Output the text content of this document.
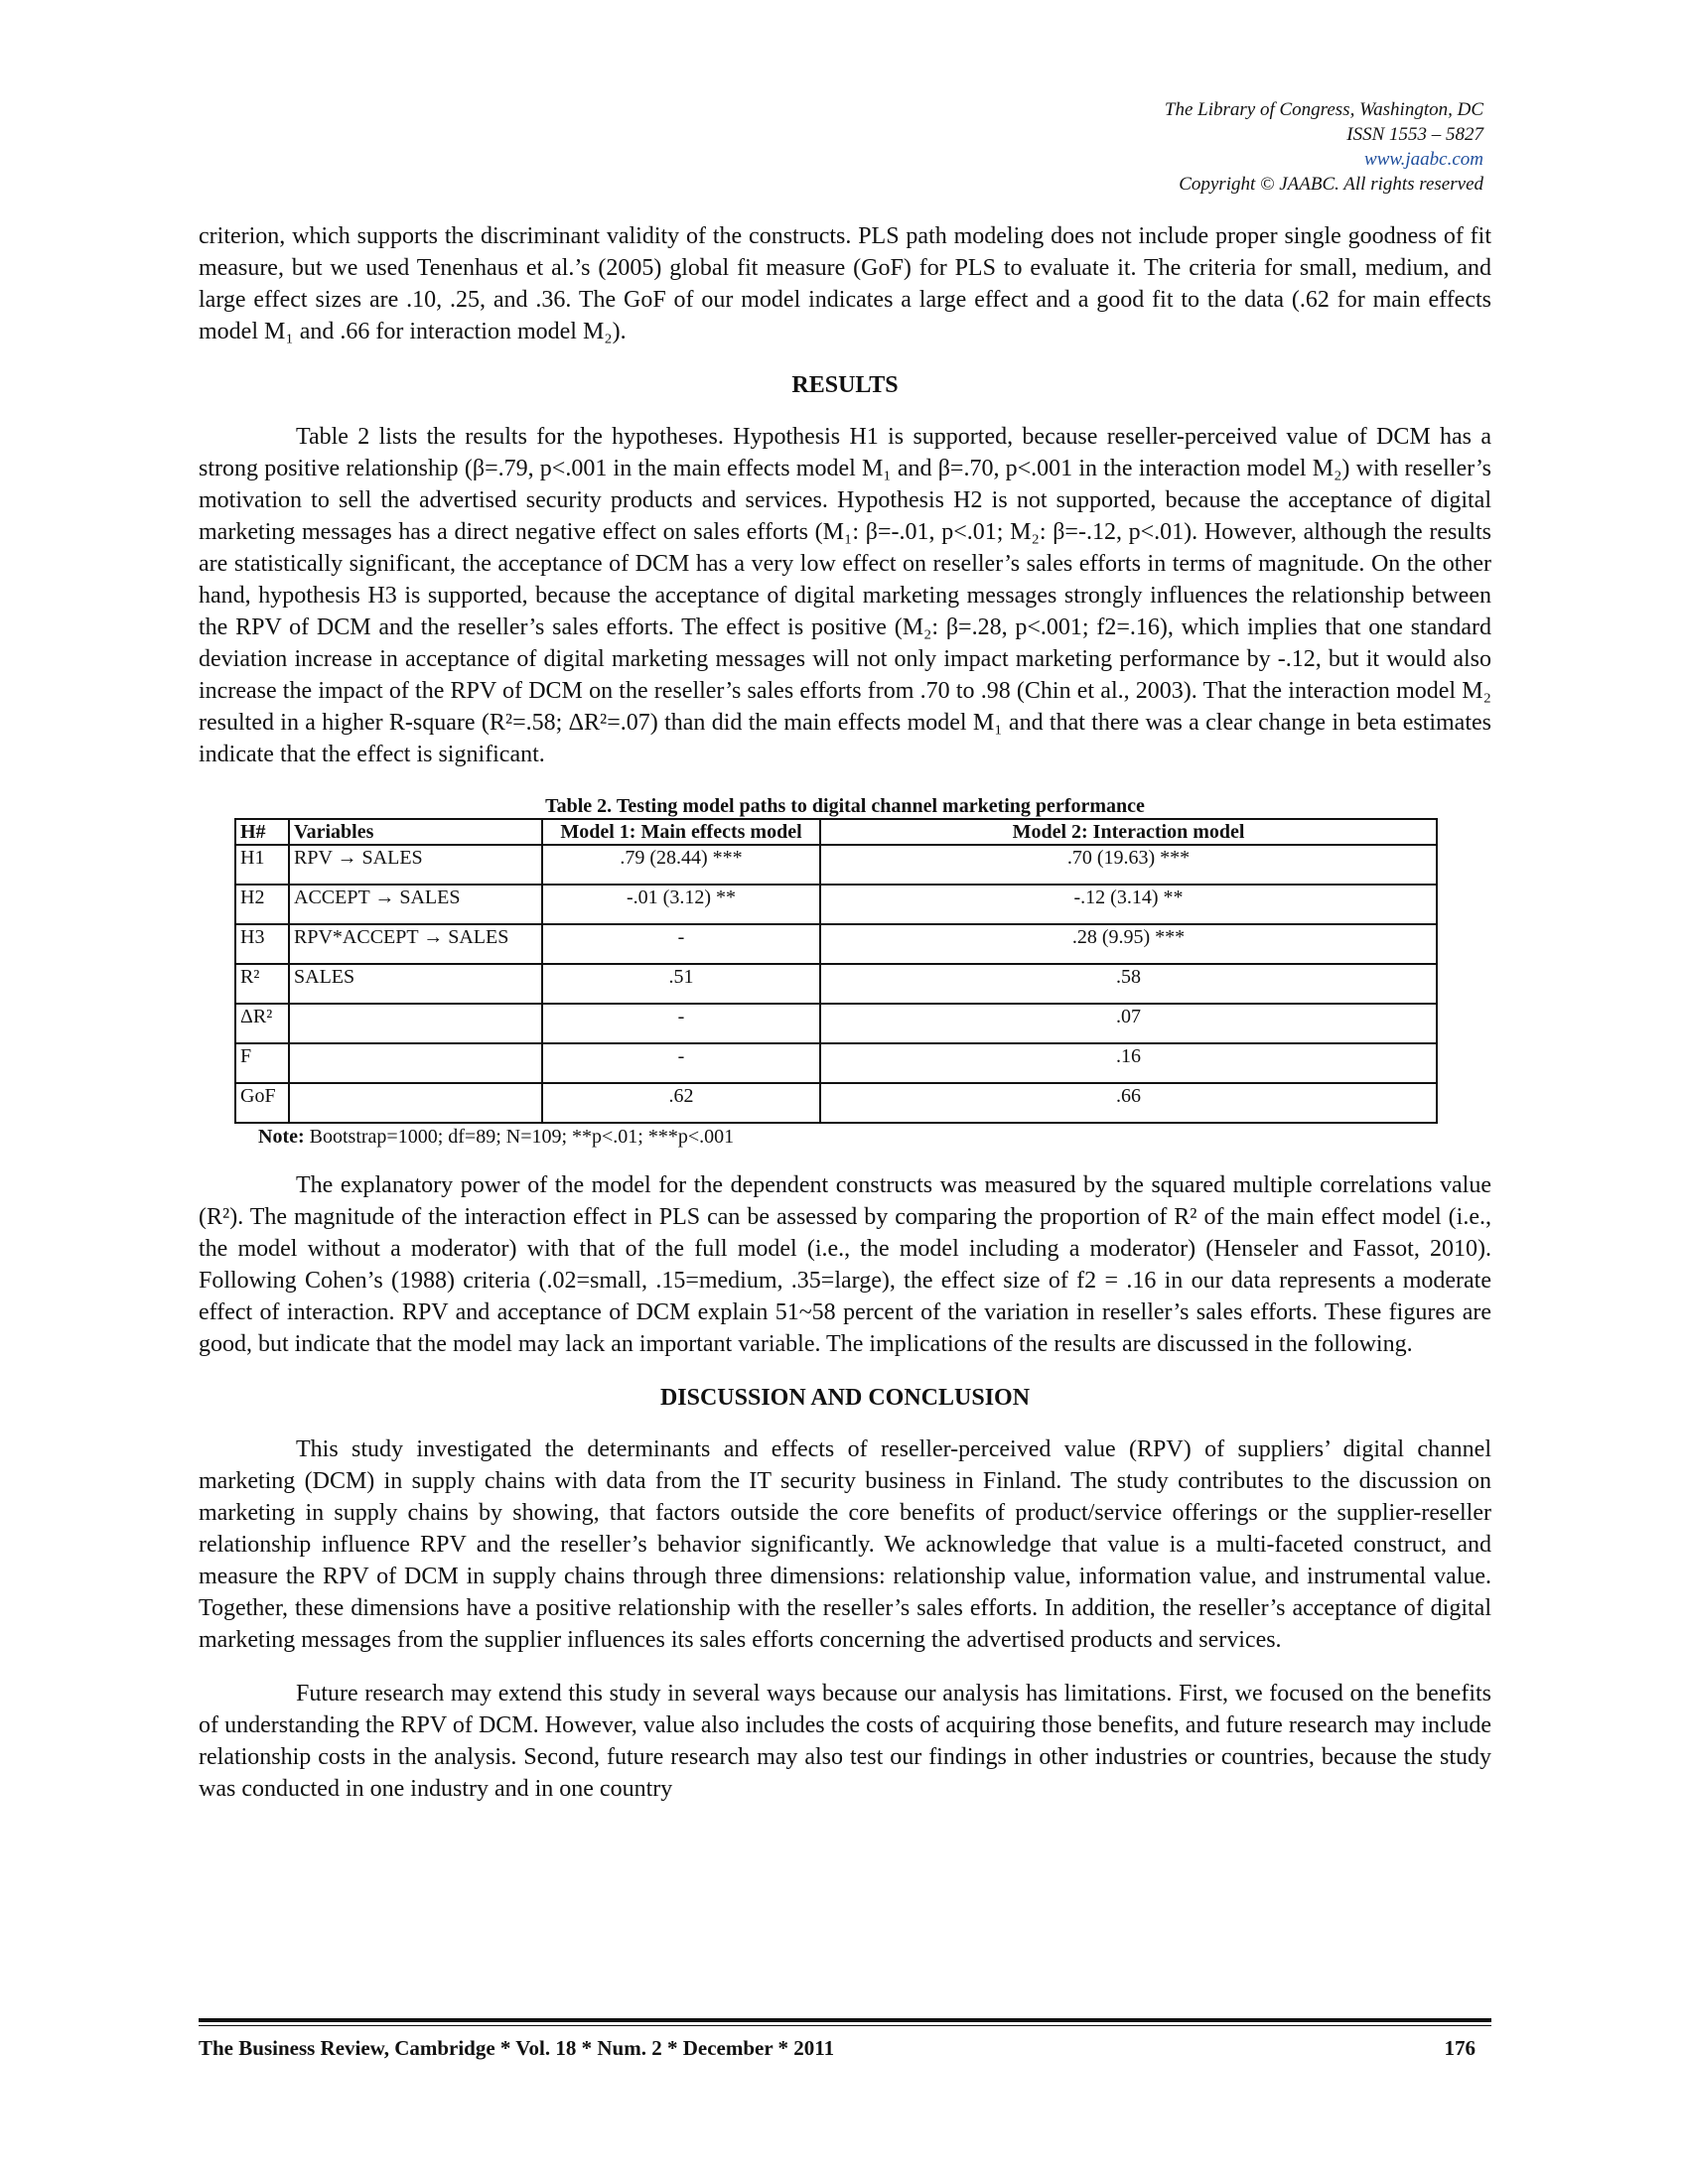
The Library of Congress, Washington, DC
ISSN 1553 – 5827
www.jaabc.com
Copyright © JAABC. All rights reserved

criterion, which supports the discriminant validity of the constructs. PLS path modeling does not include proper single goodness of fit measure, but we used Tenenhaus et al.’s (2005) global fit measure (GoF) for PLS to evaluate it. The criteria for small, medium, and large effect sizes are .10, .25, and .36. The GoF of our model indicates a large effect and a good fit to the data (.62 for main effects model M₁ and .66 for interaction model M₂).

RESULTS

Table 2 lists the results for the hypotheses. Hypothesis H1 is supported, because reseller-perceived value of DCM has a strong positive relationship (β=.79, p<.001 in the main effects model M₁ and β=.70, p<.001 in the interaction model M₂) with reseller’s motivation to sell the advertised security products and services. Hypothesis H2 is not supported, because the acceptance of digital marketing messages has a direct negative effect on sales efforts (M₁: β=-.01, p<.01; M₂: β=-.12, p<.01). However, although the results are statistically significant, the acceptance of DCM has a very low effect on reseller’s sales efforts in terms of magnitude. On the other hand, hypothesis H3 is supported, because the acceptance of digital marketing messages strongly influences the relationship between the RPV of DCM and the reseller’s sales efforts. The effect is positive (M₂: β=.28, p<.001; f2=.16), which implies that one standard deviation increase in acceptance of digital marketing messages will not only impact marketing performance by -.12, but it would also increase the impact of the RPV of DCM on the reseller’s sales efforts from .70 to .98 (Chin et al., 2003). That the interaction model M₂ resulted in a higher R-square (R²=.58; ΔR²=.07) than did the main effects model M₁ and that there was a clear change in beta estimates indicate that the effect is significant.

Table 2. Testing model paths to digital channel marketing performance
H#	Variables	Model 1: Main effects model	Model 2: Interaction model
H1	RPV → SALES	.79 (28.44) ***	.70 (19.63) ***
H2	ACCEPT → SALES	-.01 (3.12) **	-.12 (3.14) **
H3	RPV*ACCEPT → SALES	-	.28 (9.95) ***
R²	SALES	.51	.58
ΔR²		-	.07
F		-	.16
GoF		.62	.66
Note: Bootstrap=1000; df=89; N=109; **p<.01; ***p<.001

The explanatory power of the model for the dependent constructs was measured by the squared multiple correlations value (R²). The magnitude of the interaction effect in PLS can be assessed by comparing the proportion of R² of the main effect model (i.e., the model without a moderator) with that of the full model (i.e., the model including a moderator) (Henseler and Fassot, 2010). Following Cohen’s (1988) criteria (.02=small, .15=medium, .35=large), the effect size of f2 = .16 in our data represents a moderate effect of interaction. RPV and acceptance of DCM explain 51~58 percent of the variation in reseller’s sales efforts. These figures are good, but indicate that the model may lack an important variable. The implications of the results are discussed in the following.

DISCUSSION AND CONCLUSION

This study investigated the determinants and effects of reseller-perceived value (RPV) of suppliers’ digital channel marketing (DCM) in supply chains with data from the IT security business in Finland. The study contributes to the discussion on marketing in supply chains by showing, that factors outside the core benefits of product/service offerings or the supplier-reseller relationship influence RPV and the reseller’s behavior significantly. We acknowledge that value is a multi-faceted construct, and measure the RPV of DCM in supply chains through three dimensions: relationship value, information value, and instrumental value. Together, these dimensions have a positive relationship with the reseller’s sales efforts. In addition, the reseller’s acceptance of digital marketing messages from the supplier influences its sales efforts concerning the advertised products and services.

Future research may extend this study in several ways because our analysis has limitations. First, we focused on the benefits of understanding the RPV of DCM. However, value also includes the costs of acquiring those benefits, and future research may include relationship costs in the analysis. Second, future research may also test our findings in other industries or countries, because the study was conducted in one industry and in one country

The Business Review, Cambridge * Vol. 18 * Num. 2 * December * 2011	176
